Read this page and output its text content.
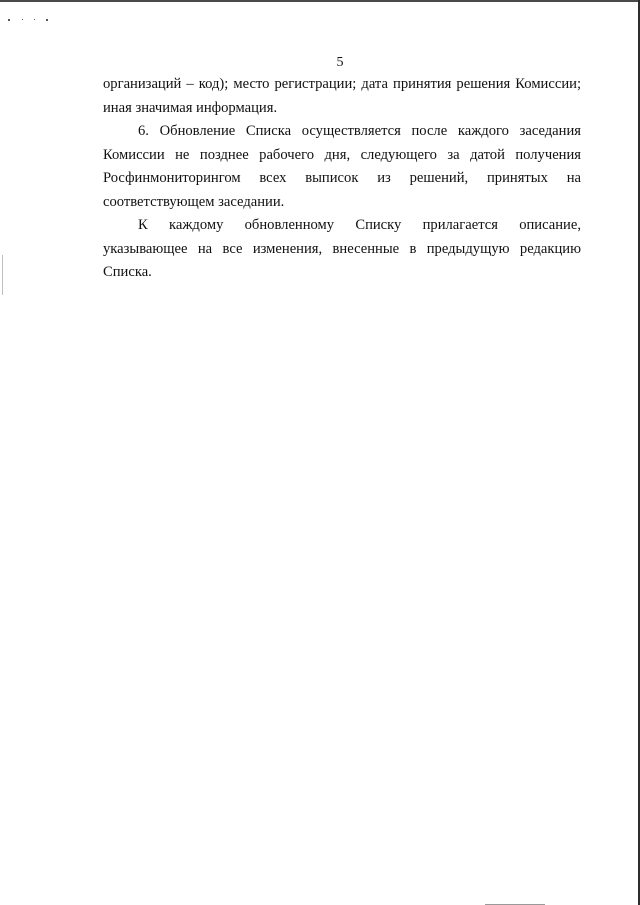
5

организаций – код); место регистрации; дата принятия решения Комиссии; иная значимая информация.

6. Обновление Списка осуществляется после каждого заседания Комиссии не позднее рабочего дня, следующего за датой получения Росфинмониторингом всех выписок из решений, принятых на соответствующем заседании.

К каждому обновленному Списку прилагается описание, указывающее на все изменения, внесенные в предыдущую редакцию Списка.
